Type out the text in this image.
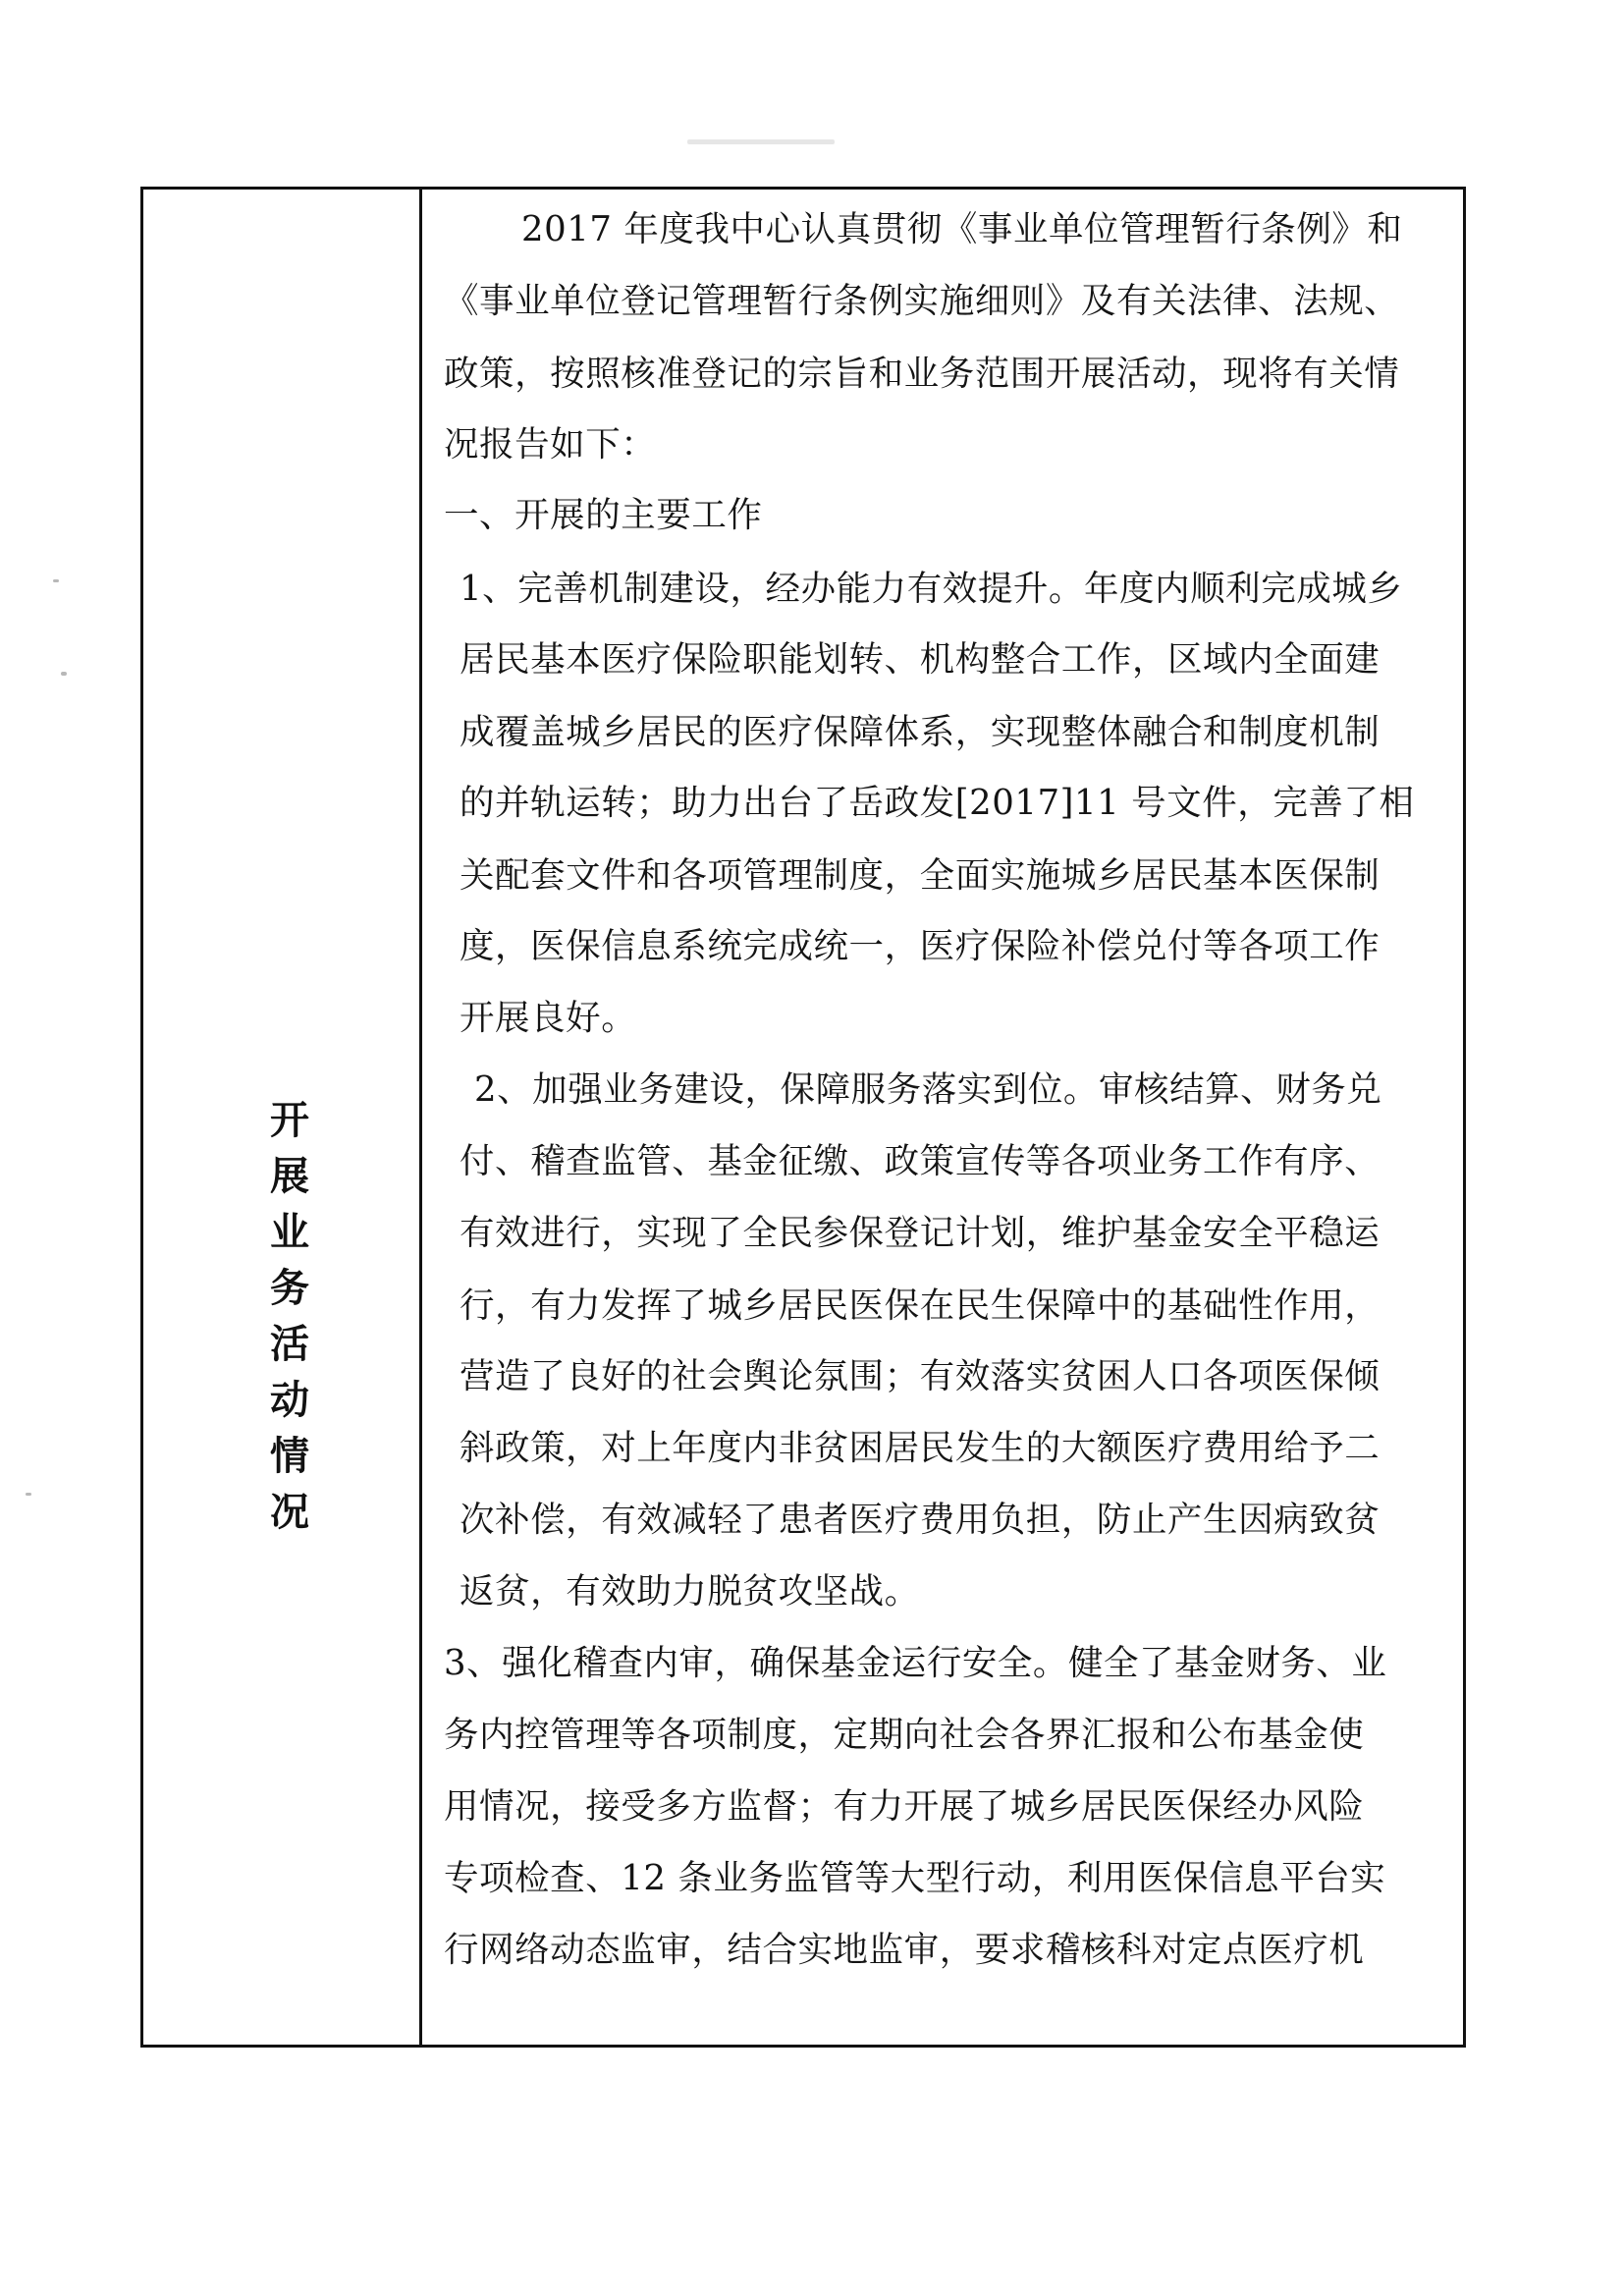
开展业务活动情况
2017 年度我中心认真贯彻《事业单位管理暂行条例》和
《事业单位登记管理暂行条例实施细则》及有关法律、法规、
政策，按照核准登记的宗旨和业务范围开展活动，现将有关情
况报告如下：
一、开展的主要工作
1、完善机制建设，经办能力有效提升。年度内顺利完成城乡
居民基本医疗保险职能划转、机构整合工作，区域内全面建
成覆盖城乡居民的医疗保障体系，实现整体融合和制度机制
的并轨运转；助力出台了岳政发[2017]11 号文件，完善了相
关配套文件和各项管理制度，全面实施城乡居民基本医保制
度，医保信息系统完成统一，医疗保险补偿兑付等各项工作
开展良好。
2、加强业务建设，保障服务落实到位。审核结算、财务兑
付、稽查监管、基金征缴、政策宣传等各项业务工作有序、
有效进行，实现了全民参保登记计划，维护基金安全平稳运
行，有力发挥了城乡居民医保在民生保障中的基础性作用，
营造了良好的社会舆论氛围；有效落实贫困人口各项医保倾
斜政策，对上年度内非贫困居民发生的大额医疗费用给予二
次补偿，有效减轻了患者医疗费用负担，防止产生因病致贫
返贫，有效助力脱贫攻坚战。
3、强化稽查内审，确保基金运行安全。健全了基金财务、业
务内控管理等各项制度，定期向社会各界汇报和公布基金使
用情况，接受多方监督；有力开展了城乡居民医保经办风险
专项检查、12 条业务监管等大型行动，利用医保信息平台实
行网络动态监审，结合实地监审，要求稽核科对定点医疗机
